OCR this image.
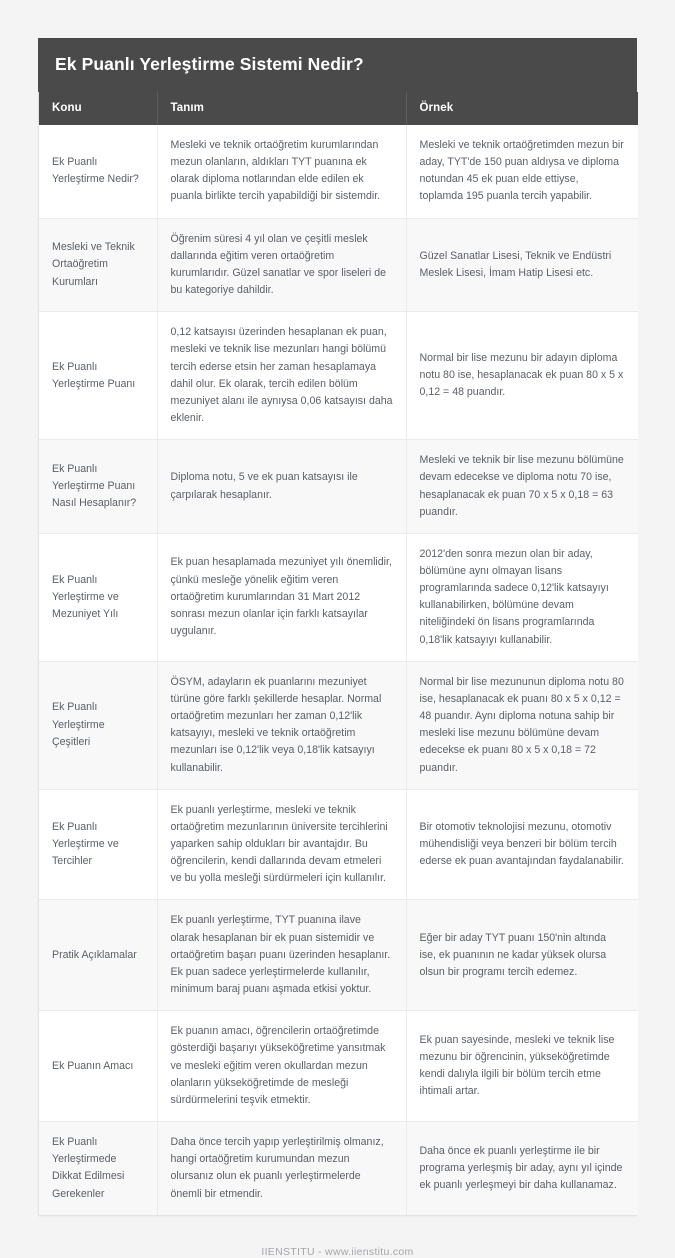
Ek Puanlı Yerleştirme Sistemi Nedir?
Konu	Tanım	Örnek
Ek Puanlı Yerleştirme Nedir?	Mesleki ve teknik ortaöğretim kurumlarından mezun olanların, aldıkları TYT puanına ek olarak diploma notlarından elde edilen ek puanla birlikte tercih yapabildiği bir sistemdir.	Mesleki ve teknik ortaöğretimden mezun bir aday, TYT'de 150 puan aldıysa ve diploma notundan 45 ek puan elde ettiyse, toplamda 195 puanla tercih yapabilir.
Mesleki ve Teknik Ortaöğretim Kurumları	Öğrenim süresi 4 yıl olan ve çeşitli meslek dallarında eğitim veren ortaöğretim kurumlarıdır. Güzel sanatlar ve spor liseleri de bu kategoriye dahildir.	Güzel Sanatlar Lisesi, Teknik ve Endüstri Meslek Lisesi, İmam Hatip Lisesi etc.
Ek Puanlı Yerleştirme Puanı	0,12 katsayısı üzerinden hesaplanan ek puan, mesleki ve teknik lise mezunları hangi bölümü tercih ederse etsin her zaman hesaplamaya dahil olur. Ek olarak, tercih edilen bölüm mezuniyet alanı ile aynıysa 0,06 katsayısı daha eklenir.	Normal bir lise mezunu bir adayın diploma notu 80 ise, hesaplanacak ek puan 80 x 5 x 0,12 = 48 puandır.
Ek Puanlı Yerleştirme Puanı Nasıl Hesaplanır?	Diploma notu, 5 ve ek puan katsayısı ile çarpılarak hesaplanır.	Mesleki ve teknik bir lise mezunu bölümüne devam edecekse ve diploma notu 70 ise, hesaplanacak ek puan 70 x 5 x 0,18 = 63 puandır.
Ek Puanlı Yerleştirme ve Mezuniyet Yılı	Ek puan hesaplamada mezuniyet yılı önemlidir, çünkü mesleğe yönelik eğitim veren ortaöğretim kurumlarından 31 Mart 2012 sonrası mezun olanlar için farklı katsayılar uygulanır.	2012'den sonra mezun olan bir aday, bölümüne aynı olmayan lisans programlarında sadece 0,12'lik katsayıyı kullanabilirken, bölümüne devam niteliğindeki ön lisans programlarında 0,18'lik katsayıyı kullanabilir.
Ek Puanlı Yerleştirme Çeşitleri	ÖSYM, adayların ek puanlarını mezuniyet türüne göre farklı şekillerde hesaplar. Normal ortaöğretim mezunları her zaman 0,12'lik katsayıyı, mesleki ve teknik ortaöğretim mezunları ise 0,12'lik veya 0,18'lik katsayıyı kullanabilir.	Normal bir lise mezununun diploma notu 80 ise, hesaplanacak ek puanı 80 x 5 x 0,12 = 48 puandır. Aynı diploma notuna sahip bir mesleki lise mezunu bölümüne devam edecekse ek puanı 80 x 5 x 0,18 = 72 puandır.
Ek Puanlı Yerleştirme ve Tercihler	Ek puanlı yerleştirme, mesleki ve teknik ortaöğretim mezunlarının üniversite tercihlerini yaparken sahip oldukları bir avantajdır. Bu öğrencilerin, kendi dallarında devam etmeleri ve bu yolla mesleği sürdürmeleri için kullanılır.	Bir otomotiv teknolojisi mezunu, otomotiv mühendisliği veya benzeri bir bölüm tercih ederse ek puan avantajından faydalanabilir.
Pratik Açıklamalar	Ek puanlı yerleştirme, TYT puanına ilave olarak hesaplanan bir ek puan sistemidir ve ortaöğretim başarı puanı üzerinden hesaplanır. Ek puan sadece yerleştirmelerde kullanılır, minimum baraj puanı aşmada etkisi yoktur.	Eğer bir aday TYT puanı 150'nin altında ise, ek puanının ne kadar yüksek olursa olsun bir programı tercih edemez.
Ek Puanın Amacı	Ek puanın amacı, öğrencilerin ortaöğretimde gösterdiği başarıyı yükseköğretime yansıtmak ve mesleki eğitim veren okullardan mezun olanların yükseköğretimde de mesleği sürdürmelerini teşvik etmektir.	Ek puan sayesinde, mesleki ve teknik lise mezunu bir öğrencinin, yükseköğretimde kendi dalıyla ilgili bir bölüm tercih etme ihtimali artar.
Ek Puanlı Yerleştirmede Dikkat Edilmesi Gerekenler	Daha önce tercih yapıp yerleştirilmiş olmanız, hangi ortaöğretim kurumundan mezun olursanız olun ek puanlı yerleştirmelerde önemli bir etmendir.	Daha önce ek puanlı yerleştirme ile bir programa yerleşmiş bir aday, aynı yıl içinde ek puanlı yerleşmeyi bir daha kullanamaz.
IIENSTITU - www.iienstitu.com
